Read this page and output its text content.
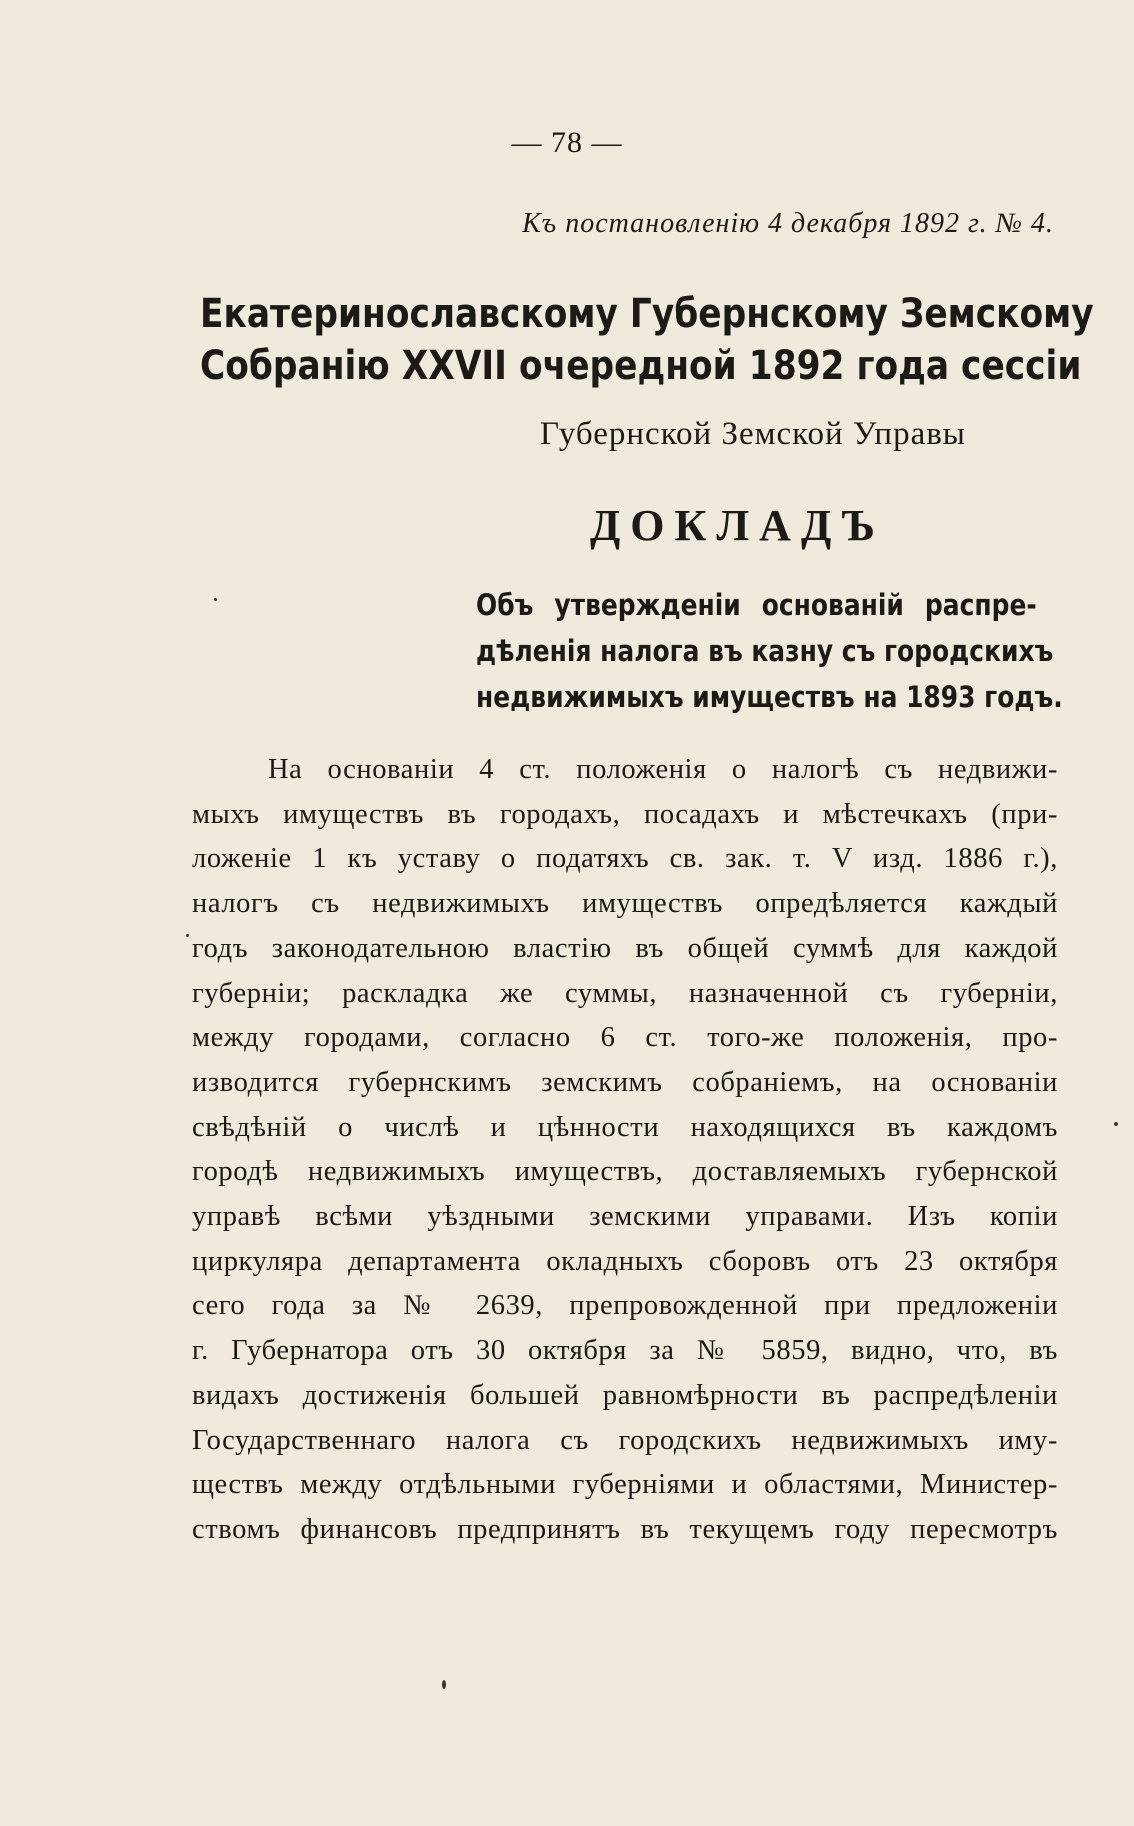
— 78 —
Къ постановленію 4 декабря 1892 г. № 4.
Екатеринославскому Губернскому Земскому
Собранію XXVII очередной 1892 года сессіи
Губернской Земской Управы
ДОКЛАДЪ
Объ утвержденіи основаній распре-
дѣленія налога въ казну съ городскихъ
недвижимыхъ имуществъ на 1893 годъ.
На основаніи 4 ст. положенія о налогѣ съ недвижи-
мыхъ имуществъ въ городахъ, посадахъ и мѣстечкахъ (при-
ложеніе 1 къ уставу о податяхъ св. зак. т. V изд. 1886 г.),
налогъ съ недвижимыхъ имуществъ опредѣляется каждый
годъ законодательною властію въ общей суммѣ для каждой
губерніи; раскладка же суммы, назначенной съ губерніи,
между городами, согласно 6 ст. того-же положенія, про-
изводится губернскимъ земскимъ собраніемъ, на основаніи
свѣдѣній о числѣ и цѣнности находящихся въ каждомъ
городѣ недвижимыхъ имуществъ, доставляемыхъ губернской
управѣ всѣми уѣздными земскими управами. Изъ копіи
циркуляра департамента окладныхъ сборовъ отъ 23 октября
сего года за № 2639, препровожденной при предложеніи
г. Губернатора отъ 30 октября за № 5859, видно, что, въ
видахъ достиженія большей равномѣрности въ распредѣленіи
Государственнаго налога съ городскихъ недвижимыхъ иму-
ществъ между отдѣльными губерніями и областями, Министер-
ствомъ финансовъ предпринятъ въ текущемъ году пересмотръ
